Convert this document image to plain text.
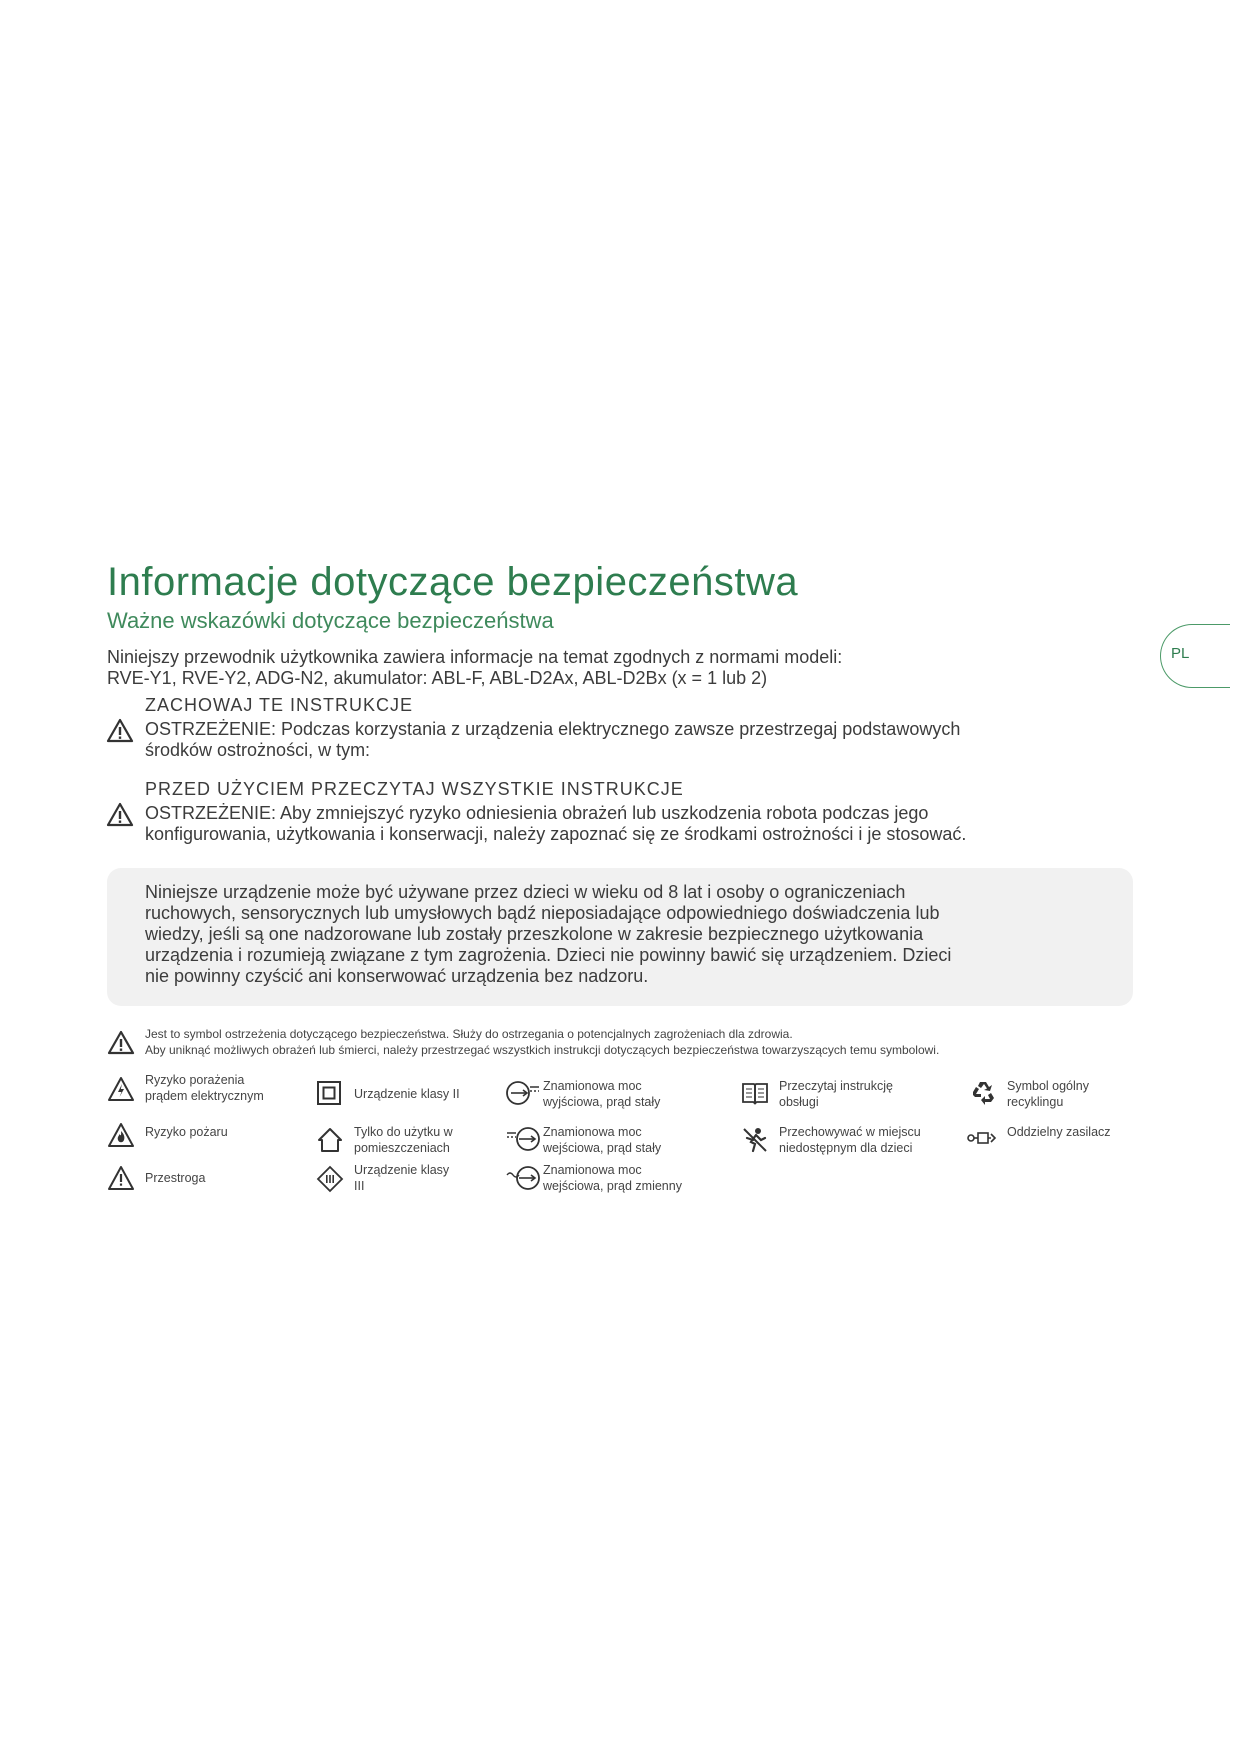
Informacje dotyczące bezpieczeństwa
Ważne wskazówki dotyczące bezpieczeństwa
PL
Niniejszy przewodnik użytkownika zawiera informacje na temat zgodnych z normami modeli:
RVE-Y1, RVE-Y2, ADG-N2, akumulator: ABL-F, ABL-D2Ax, ABL-D2Bx (x = 1 lub 2)
ZACHOWAJ TE INSTRUKCJE
OSTRZEŻENIE: Podczas korzystania z urządzenia elektrycznego zawsze przestrzegaj podstawowych
środków ostrożności, w tym:
PRZED UŻYCIEM PRZECZYTAJ WSZYSTKIE INSTRUKCJE
OSTRZEŻENIE: Aby zmniejszyć ryzyko odniesienia obrażeń lub uszkodzenia robota podczas jego
konfigurowania, użytkowania i konserwacji, należy zapoznać się ze środkami ostrożności i je stosować.
Niniejsze urządzenie może być używane przez dzieci w wieku od 8 lat i osoby o ograniczeniach
ruchowych, sensorycznych lub umysłowych bądź nieposiadające odpowiedniego doświadczenia lub
wiedzy, jeśli są one nadzorowane lub zostały przeszkolone w zakresie bezpiecznego użytkowania
urządzenia i rozumieją związane z tym zagrożenia. Dzieci nie powinny bawić się urządzeniem. Dzieci
nie powinny czyścić ani konserwować urządzenia bez nadzoru.
Jest to symbol ostrzeżenia dotyczącego bezpieczeństwa. Służy do ostrzegania o potencjalnych zagrożeniach dla zdrowia.
Aby uniknąć możliwych obrażeń lub śmierci, należy przestrzegać wszystkich instrukcji dotyczących bezpieczeństwa towarzyszących temu symbolowi.
Ryzyko porażenia
prądem elektrycznym
Ryzyko pożaru
Przestroga
Urządzenie klasy II
Tylko do użytku w
pomieszczeniach
Urządzenie klasy
III
Znamionowa moc
wyjściowa, prąd stały
Znamionowa moc
wejściowa, prąd stały
Znamionowa moc
wejściowa, prąd zmienny
Przeczytaj instrukcję
obsługi
Przechowywać w miejscu
niedostępnym dla dzieci
Symbol ogólny
recyklingu
Oddzielny zasilacz
